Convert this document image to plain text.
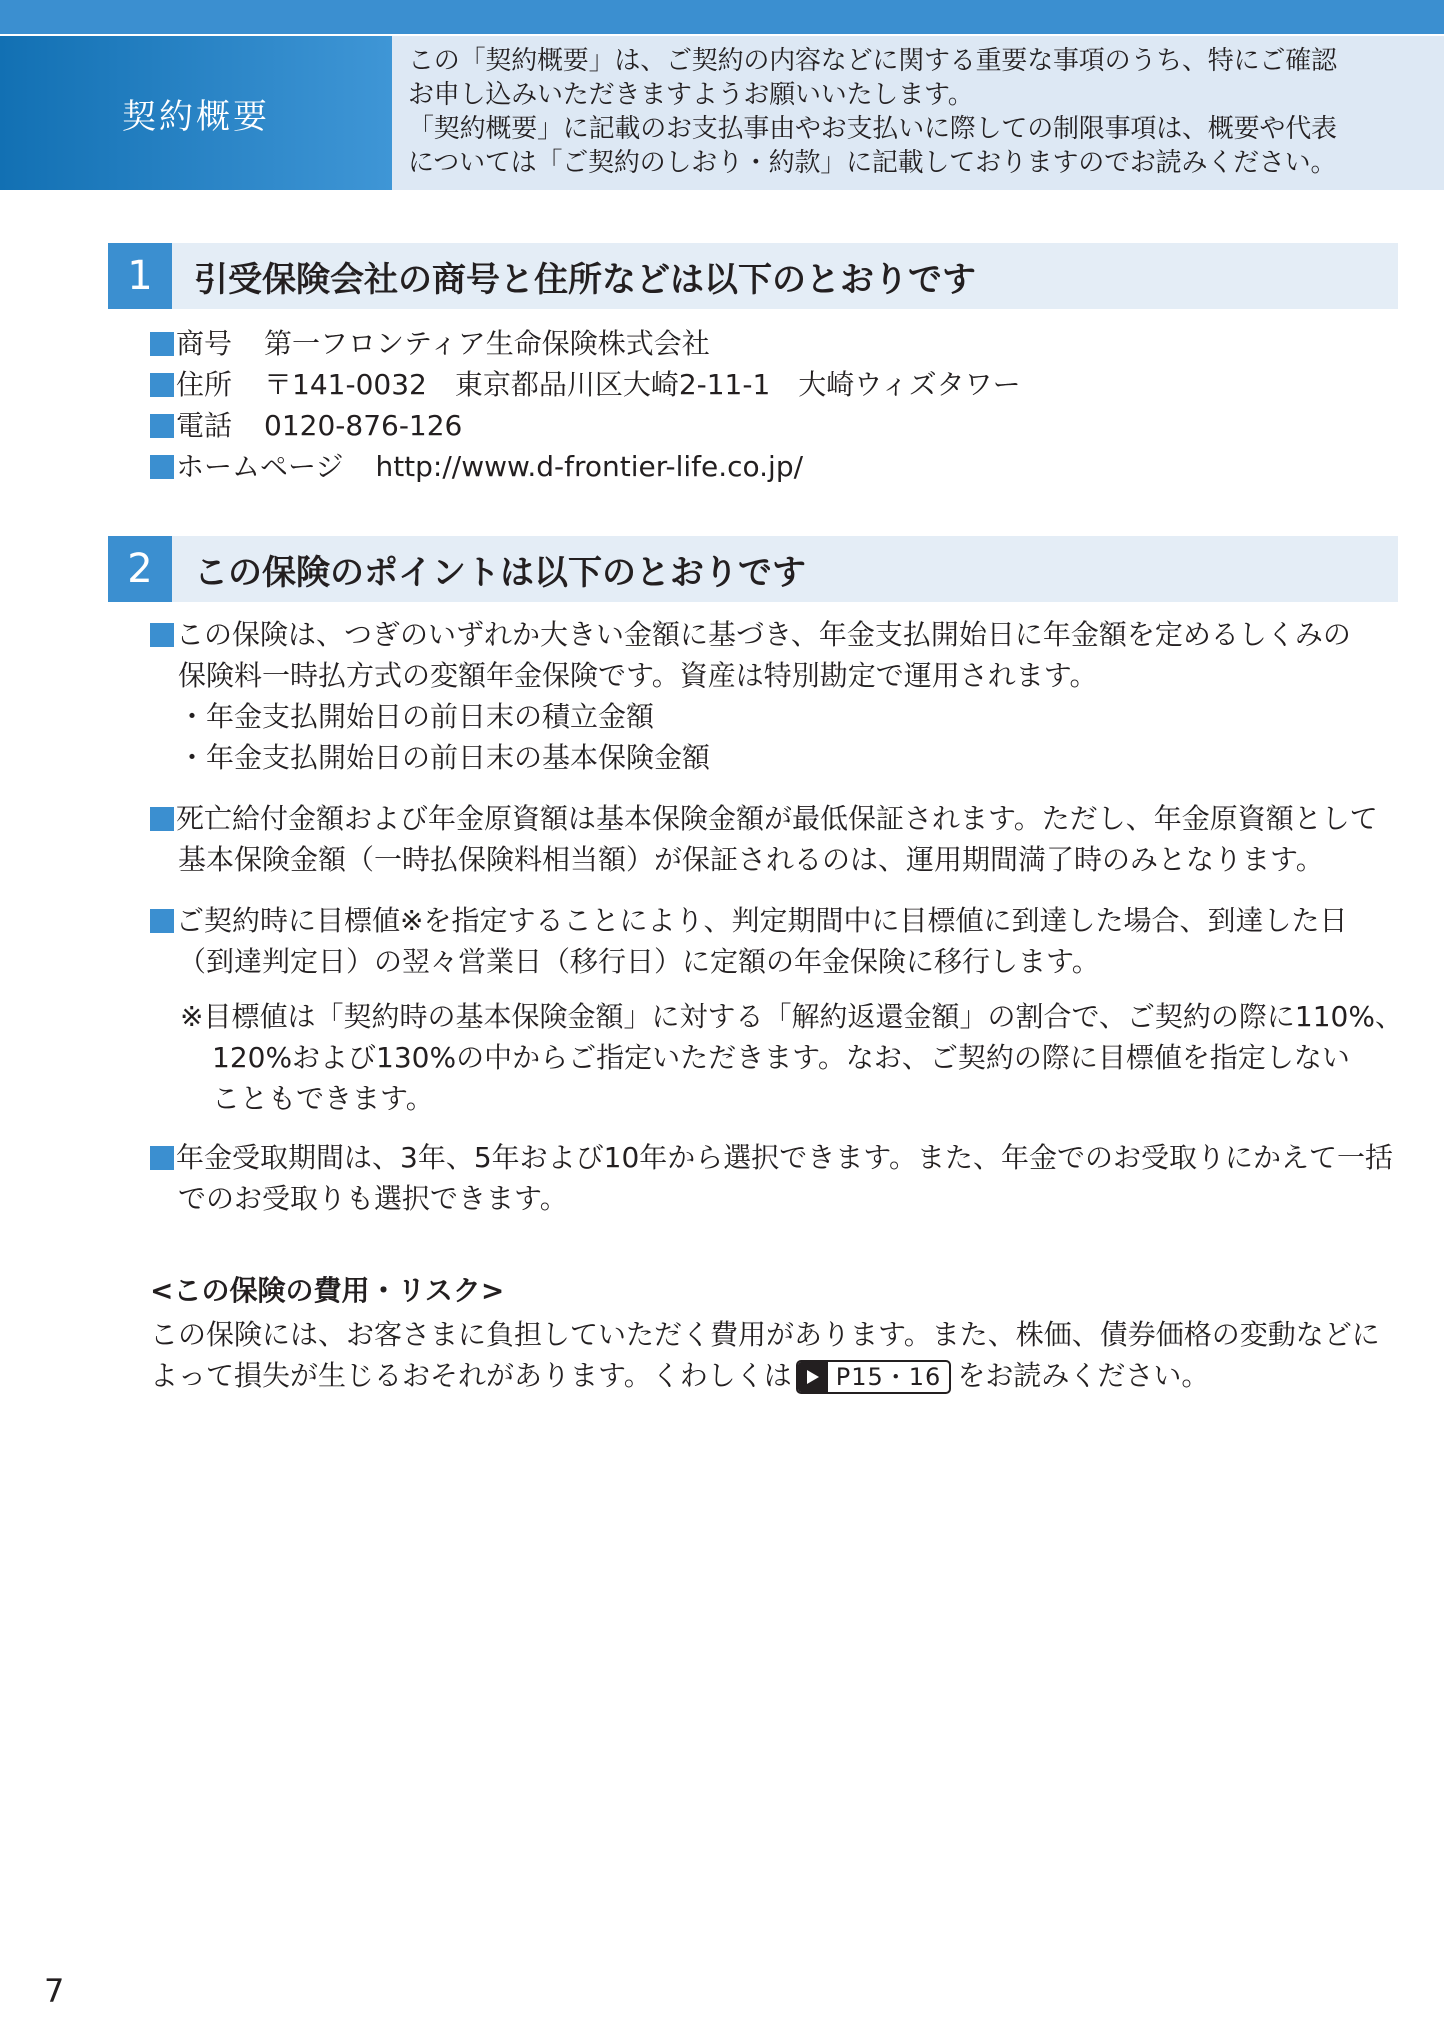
契約概要

この「契約概要」は、ご契約の内容などに関する重要な事項のうち、特にご確認

お申し込みいただきますようお願いいたします。

「契約概要」に記載のお支払事由やお支払いに際しての制限事項は、概要や代表

については「ご契約のしおり・約款」に記載しておりますのでお読みください。

1	引受保険会社の商号と住所などは以下のとおりです
商号 第一フロンティア生命保険株式会社
住所 〒141-0032　東京都品川区大崎2-11-1　大崎ウィズタワー
電話 0120-876-126
ホームページ http://www.d-frontier-life.co.jp/
2	この保険のポイントは以下のとおりです
この保険は、つぎのいずれか大きい金額に基づき、年金支払開始日に年金額を定めるしくみの
保険料一時払方式の変額年金保険です。資産は特別勘定で運用されます。
・年金支払開始日の前日末の積立金額
・年金支払開始日の前日末の基本保険金額
死亡給付金額および年金原資額は基本保険金額が最低保証されます。ただし、年金原資額として
基本保険金額（一時払保険料相当額）が保証されるのは、運用期間満了時のみとなります。
ご契約時に目標値※を指定することにより、判定期間中に目標値に到達した場合、到達した日
（到達判定日）の翌々営業日（移行日）に定額の年金保険に移行します。
※目標値は「契約時の基本保険金額」に対する「解約返還金額」の割合で、ご契約の際に110%、
120%および130%の中からご指定いただきます。なお、ご契約の際に目標値を指定しない
こともできます。
年金受取期間は、3年、5年および10年から選択できます。また、年金でのお受取りにかえて一括
でのお受取りも選択できます。
<この保険の費用・リスク>
この保険には、お客さまに負担していただく費用があります。また、株価、債券価格の変動などに
よって損失が生じるおそれがあります。くわしくは	P15・16 をお読みください。
7
